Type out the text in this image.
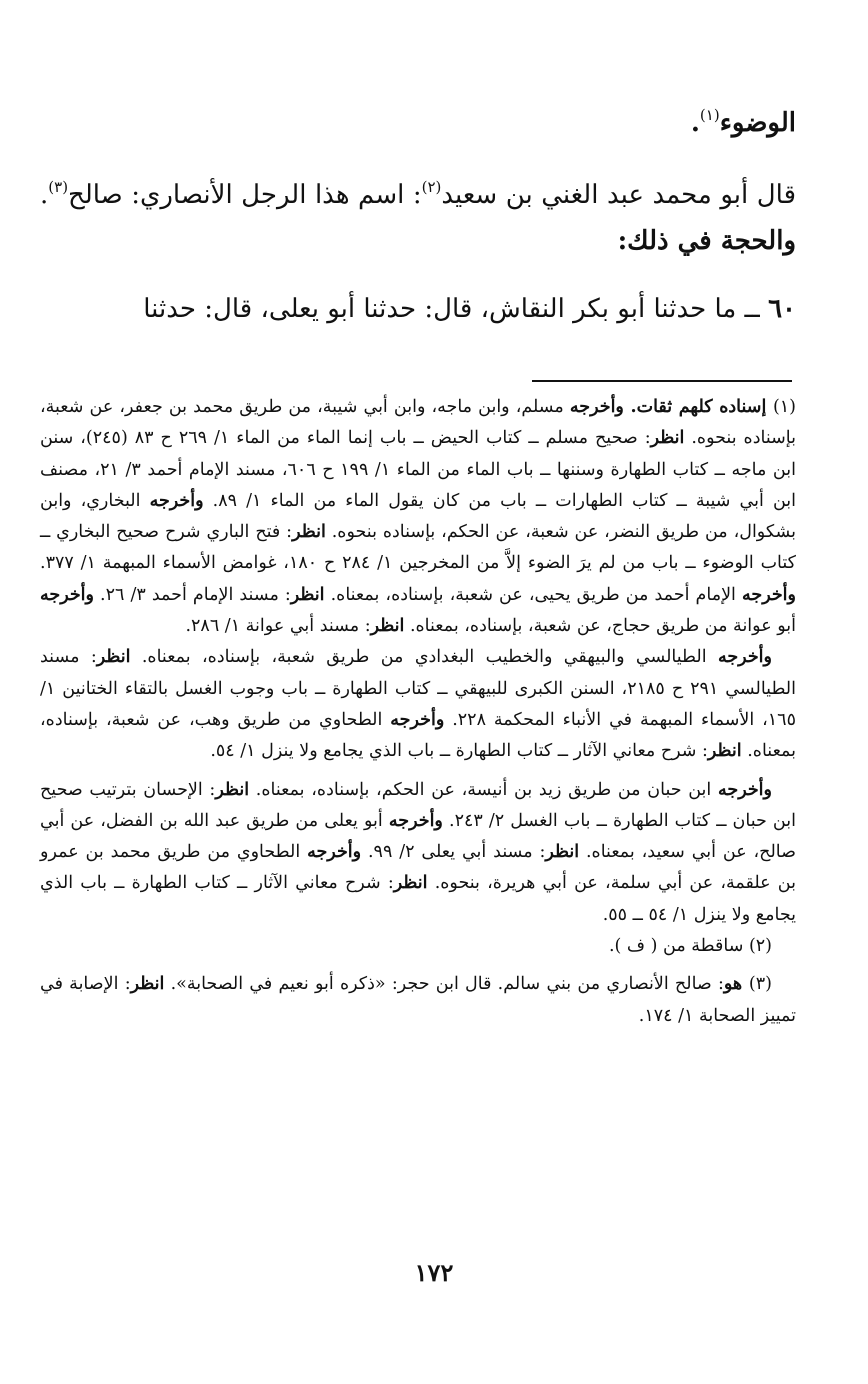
الوضوء$^{(١)}$.

قال أبو محمد عبد الغني بن سعيد$^{(٢)}$: اسم هذا الرجل الأنصاري: صالح$^{(٣)}$. والحجة في ذلك:

٦٠ ــ ما حدثنا أبو بكر النقاش، قال: حدثنا أبو يعلى، قال: حدثنا

(١) إسناده كلهم ثقات. وأخرجه مسلم، وابن ماجه، وابن أبي شيبة، من طريق محمد بن جعفر، عن شعبة، بإسناده بنحوه. انظر: صحيح مسلم ــ كتاب الحيض ــ باب إنما الماء من الماء ١/ ٢٦٩ ح ٨٣ (٢٤٥)، سنن ابن ماجه ــ كتاب الطهارة وسننها ــ باب الماء من الماء ١/ ١٩٩ ح ٦٠٦، مسند الإمام أحمد ٣/ ٢١، مصنف ابن أبي شيبة ــ كتاب الطهارات ــ باب من كان يقول الماء من الماء ١/ ٨٩. وأخرجه البخاري، وابن بشكوال، من طريق النضر، عن شعبة، عن الحكم، بإسناده بنحوه. انظر: فتح الباري شرح صحيح البخاري ــ كتاب الوضوء ــ باب من لم يرَ الضوء إلاَّ من المخرجين ١/ ٢٨٤ ح ١٨٠، غوامض الأسماء المبهمة ١/ ٣٧٧. وأخرجه الإمام أحمد من طريق يحيى، عن شعبة، بإسناده، بمعناه. انظر: مسند الإمام أحمد ٣/ ٢٦. وأخرجه أبو عوانة من طريق حجاج، عن شعبة، بإسناده، بمعناه. انظر: مسند أبي عوانة ١/ ٢٨٦.

وأخرجه الطيالسي والبيهقي والخطيب البغدادي من طريق شعبة، بإسناده، بمعناه. انظر: مسند الطيالسي ٢٩١ ح ٢١٨٥، السنن الكبرى للبيهقي ــ كتاب الطهارة ــ باب وجوب الغسل بالتقاء الختانين ١/ ١٦٥، الأسماء المبهمة في الأنباء المحكمة ٢٢٨. وأخرجه الطحاوي من طريق وهب، عن شعبة، بإسناده، بمعناه. انظر: شرح معاني الآثار ــ كتاب الطهارة ــ باب الذي يجامع ولا ينزل ١/ ٥٤.

وأخرجه ابن حبان من طريق زيد بن أنيسة، عن الحكم، بإسناده، بمعناه. انظر: الإحسان بترتيب صحيح ابن حبان ــ كتاب الطهارة ــ باب الغسل ٢/ ٢٤٣. وأخرجه أبو يعلى من طريق عبد الله بن الفضل، عن أبي صالح، عن أبي سعيد، بمعناه. انظر: مسند أبي يعلى ٢/ ٩٩. وأخرجه الطحاوي من طريق محمد بن عمرو بن علقمة، عن أبي سلمة، عن أبي هريرة، بنحوه. انظر: شرح معاني الآثار ــ كتاب الطهارة ــ باب الذي يجامع ولا ينزل ١/ ٥٤ ــ ٥٥.

(٢) ساقطة من ( ف ).

(٣) هو: صالح الأنصاري من بني سالم. قال ابن حجر: «ذكره أبو نعيم في الصحابة». انظر: الإصابة في تمييز الصحابة ١/ ١٧٤.

١٧٢
